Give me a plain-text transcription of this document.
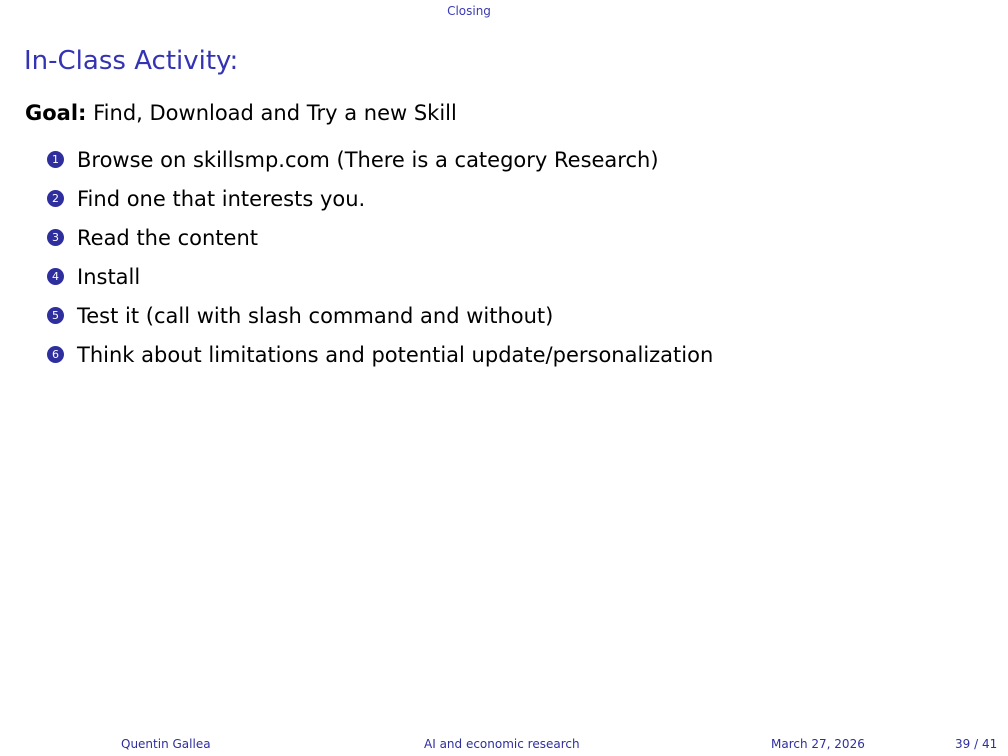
Closing
In-Class Activity:
Goal: Find, Download and Try a new Skill
1 Browse on skillsmp.com (There is a category Research)
2 Find one that interests you.
3 Read the content
4 Install
5 Test it (call with slash command and without)
6 Think about limitations and potential update/personalization
Quentin Gallea	AI and economic research	March 27, 2026	39 / 41
